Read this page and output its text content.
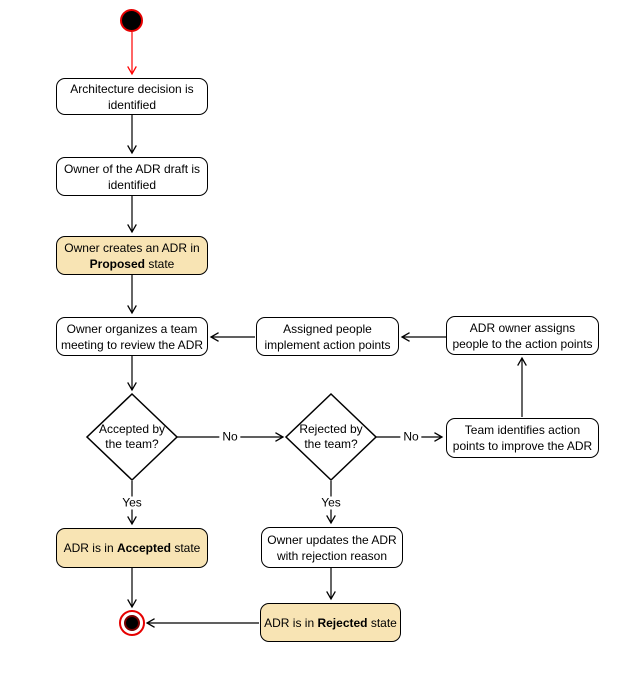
Architecture decision is
identified
Owner of the ADR draft is
identified
Owner creates an ADR in
Proposed state
Owner organizes a team
meeting to review the ADR
Assigned people
implement action points
ADR owner assigns
people to the action points
Accepted by
the team?
Rejected by
the team?
Team identifies action
points to improve the ADR
No	No
Yes	Yes
ADR is in Accepted state
Owner updates the ADR
with rejection reason
ADR is in Rejected state
